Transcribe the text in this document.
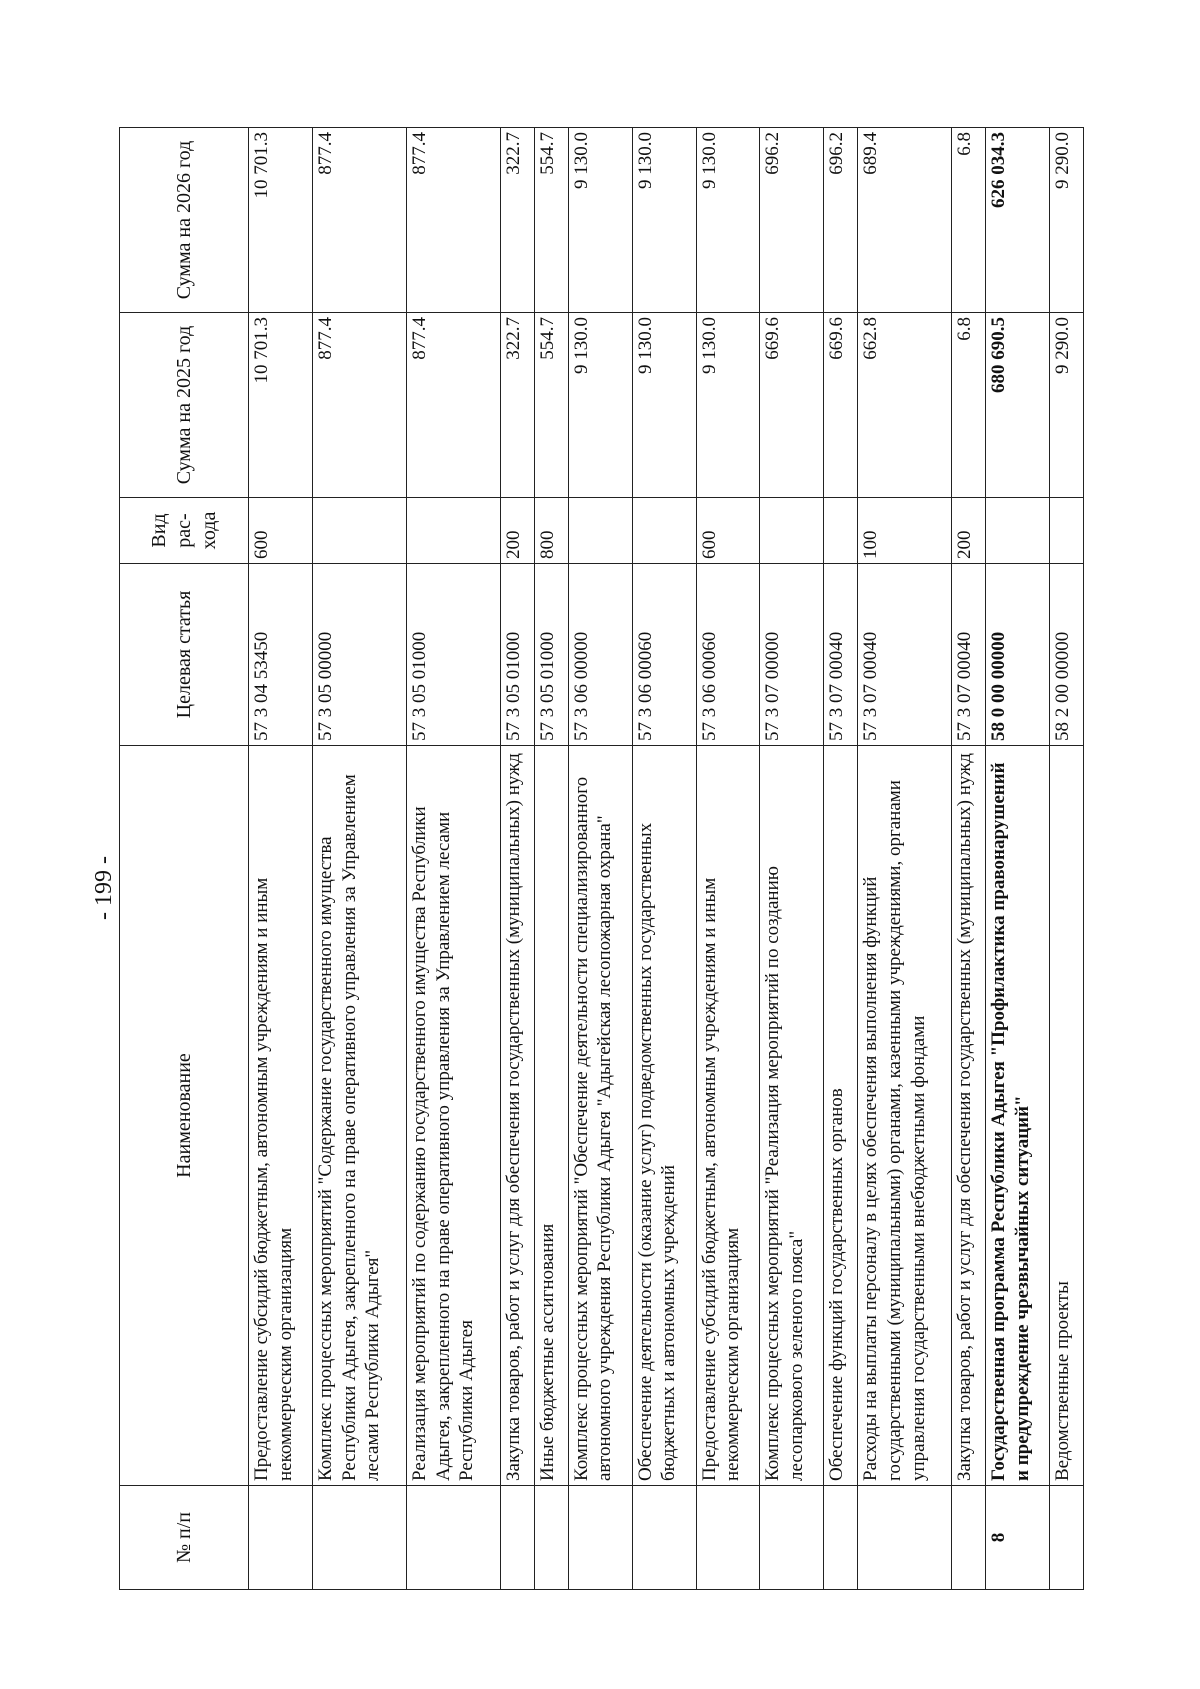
- 199 -
№ п/п	Наименование	Целевая статья	Вид рас-хода	Сумма на 2025 год	Сумма на 2026 год
	Предоставление субсидий бюджетным, автономным учреждениям и иным некоммерческим организациям	57 3 04 53450	600	10 701.3	10 701.3
	Комплекс процессных мероприятий "Содержание государственного имущества Республики Адыгея, закрепленного на праве оперативного управления за Управлением лесами Республики Адыгея"	57 3 05 00000		877.4	877.4
	Реализация мероприятий по содержанию государственного имущества Республики Адыгея, закрепленного на праве оперативного управления за Управлением лесами Республики Адыгея	57 3 05 01000		877.4	877.4
	Закупка товаров, работ и услуг для обеспечения государственных (муниципальных) нужд	57 3 05 01000	200	322.7	322.7
	Иные бюджетные ассигнования	57 3 05 01000	800	554.7	554.7
	Комплекс процессных мероприятий "Обеспечение деятельности специализированного автономного учреждения Республики Адыгея "Адыгейская лесопожарная охрана"	57 3 06 00000		9 130.0	9 130.0
	Обеспечение деятельности (оказание услуг) подведомственных государственных бюджетных и автономных учреждений	57 3 06 00060		9 130.0	9 130.0
	Предоставление субсидий бюджетным, автономным учреждениям и иным некоммерческим организациям	57 3 06 00060	600	9 130.0	9 130.0
	Комплекс процессных мероприятий "Реализация мероприятий по созданию лесопаркового зеленого пояса"	57 3 07 00000		669.6	696.2
	Обеспечение функций государственных органов	57 3 07 00040		669.6	696.2
	Расходы на выплаты персоналу в целях обеспечения выполнения функций государственными (муниципальными) органами, казенными учреждениями, органами управления государственными внебюджетными фондами	57 3 07 00040	100	662.8	689.4
	Закупка товаров, работ и услуг для обеспечения государственных (муниципальных) нужд	57 3 07 00040	200	6.8	6.8
8	Государственная программа Республики Адыгея "Профилактика правонарушений и предупреждение чрезвычайных ситуаций"	58 0 00 00000		680 690.5	626 034.3
	Ведомственные проекты	58 2 00 00000		9 290.0	9 290.0
